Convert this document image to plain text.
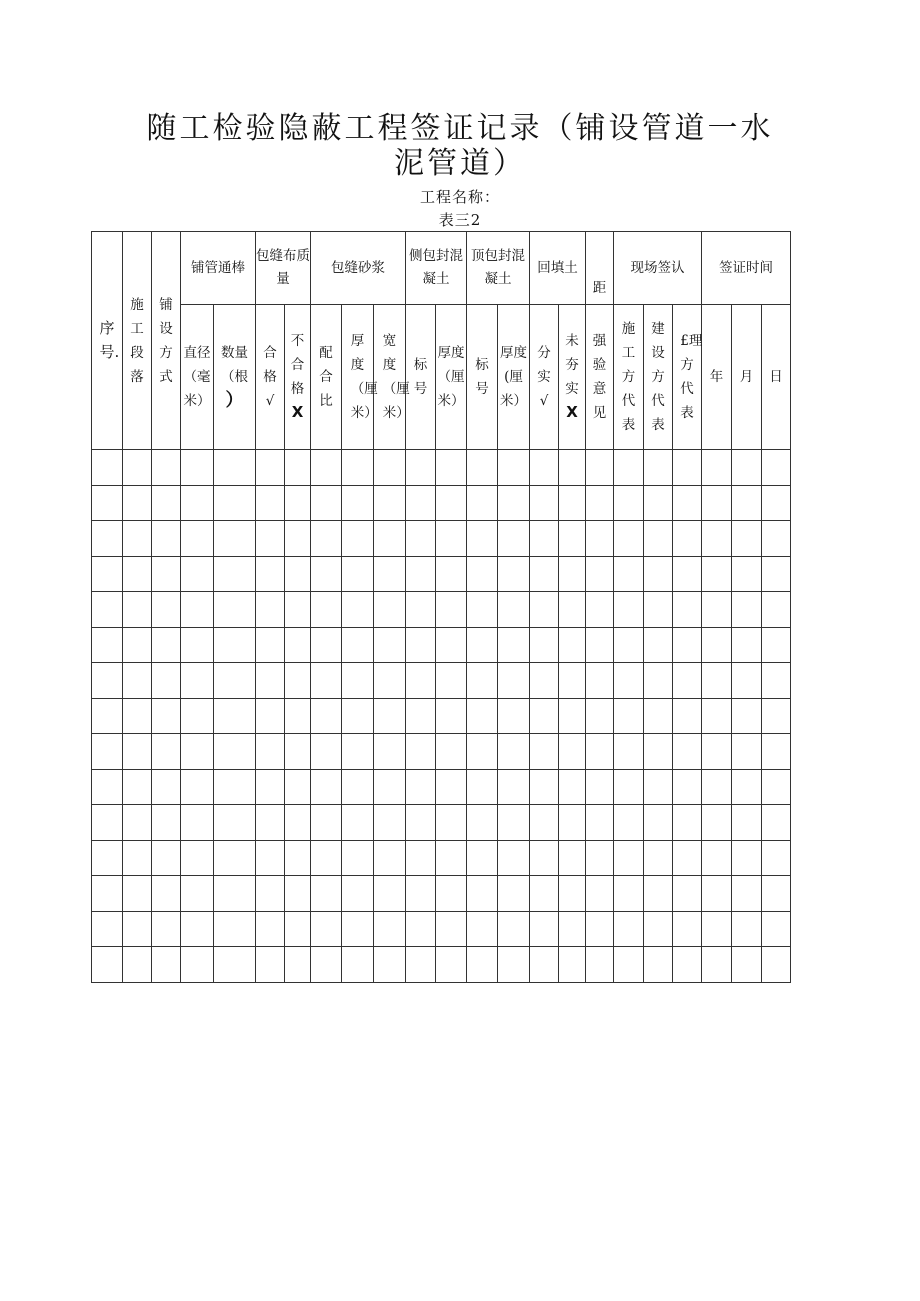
随工检验隐蔽工程签证记录（铺设管道一水
泥管道）
工程名称：
表三2
序号.	施工段落	铺设方式	铺管通棒		包缝布质量		包缝砂浆			侧包封混凝土		顶包封混凝土		回填土		距	现场签认			签证时间		
			直径（毫米）	数量（根
）	合格√	不合格
X	配合比	厚度（厘米）	宽度（厘米）	标号	厚度（厘米）	标号	厚度(厘米）	分实√	未夯实
X	强验意见	施工方代表	建设方代表	£理方代表	年	月	日
